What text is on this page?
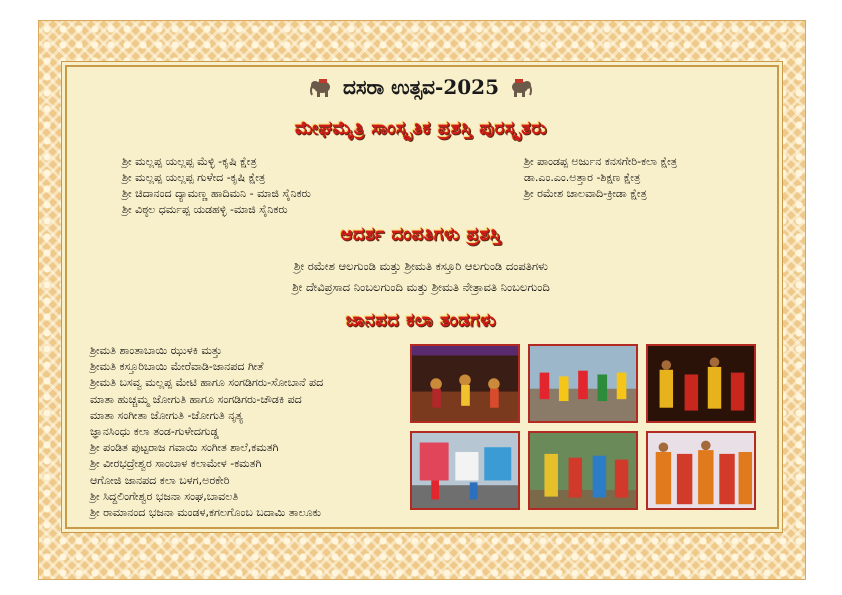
ದಸರಾ ಉತ್ಸವ-2025
ಮೇಘಮೈತ್ರಿ ಸಾಂಸ್ಕೃತಿಕ ಪ್ರಶಸ್ತಿ ಪುರಸ್ಕೃತರು
ಶ್ರೀ ಮಲ್ಲಪ್ಪ ಯಲ್ಲಪ್ಪ ಮೆಳ್ಳಿ -ಕೃಷಿ ಕ್ಷೇತ್ರ
ಶ್ರೀ ಮಲ್ಲಪ್ಪ ಯಲ್ಲಪ್ಪ ಗುಳೇದ -ಕೃಷಿ ಕ್ಷೇತ್ರ
ಶ್ರೀ ಚಿದಾನಂದ ದ್ಯಾಮಣ್ಣ ಹಾದಿಮನಿ - ಮಾಜಿ ಸೈನಿಕರು
ಶ್ರೀ ವಿಠ್ಠಲ ಧರ್ಮಪ್ಪ ಯಡಹಳ್ಳಿ -ಮಾಜಿ ಸೈನಿಕರು
ಶ್ರೀ ಪಾಂಡಪ್ಪ ಅರ್ಜುನ ಕನಸಗೇರಿ-ಕಲಾ ಕ್ಷೇತ್ರ
ಡಾ.ಎಂ.ಎಂ.ಅತ್ತಾರ -ಶಿಕ್ಷಣ ಕ್ಷೇತ್ರ
ಶ್ರೀ ರಮೇಶ ಚಾಲವಾದಿ-ಕ್ರೀಡಾ ಕ್ಷೇತ್ರ
ಆದರ್ಶ ದಂಪತಿಗಳು ಪ್ರಶಸ್ತಿ
ಶ್ರೀ ರಮೇಶ ಆಲಗುಂಡಿ ಮತ್ತು ಶ್ರೀಮತಿ ಕಸ್ತೂರಿ ಆಲಗುಂಡಿ ದಂಪತಿಗಳು
ಶ್ರೀ ದೇವಿಪ್ರಸಾದ ನಿಂಬಲಗುಂದಿ ಮತ್ತು ಶ್ರೀಮತಿ ನೇತ್ರಾವತಿ ನಿಂಬಲಗುಂದಿ
ಜಾನಪದ ಕಲಾ ತಂಡಗಳು
ಶ್ರೀಮತಿ ಶಾಂತಾಬಾಯಿ ಝುಳಕಿ ಮತ್ತು
ಶ್ರೀಮತಿ ಕಸ್ತೂರಿಬಾಯಿ ಮೇರೆವಾಡಿ-ಜಾನಪದ ಗೀತೆ
ಶ್ರೀಮತಿ ಬಸವ್ವ ಮಲ್ಲಪ್ಪ ಮೇಟಿ ಹಾಗೂ ಸಂಗಡಿಗರು-ಸೋಬಾನೆ ಪದ
ಮಾತಾ ಹುಚ್ಚಮ್ಮ ಜೋಗುತಿ ಹಾಗೂ ಸಂಗಡಿಗರು-ಚೌಡಕಿ ಪದ
ಮಾತಾ ಸಂಗೀತಾ ಜೋಗುತಿ -ಜೋಗುತಿ ನೃತ್ಯ
ಜ್ಞಾನಸಿಂಧು ಕಲಾ ತಂಡ-ಗುಳೇದಗುಡ್ಡ
ಶ್ರೀ ಪಂಡಿತ ಪುಟ್ಟರಾಜ ಗವಾಯಿ ಸಂಗೀತ ಶಾಲೆ,ಕಮತಗಿ
ಶ್ರೀ ವೀರಭದ್ರೇಶ್ವರ ಸಾಂಬಾಳ ಕಲಾಮೇಳ -ಕಮತಗಿ
ಆಗೋಜಿ ಜಾನಪದ ಕಲಾ ಬಳಗ,ಅರಕೇರಿ
ಶ್ರೀ ಸಿದ್ದಲಿಂಗೇಶ್ವರ ಭಜನಾ ಸಂಘ,ಬಾವಲತಿ
ಶ್ರೀ ರಾಮಾನಂದ ಭಜನಾ ಮಂಡಳ,ಕಗಲಗೊಂಬ ಬದಾಮಿ ತಾಲೂಕು
